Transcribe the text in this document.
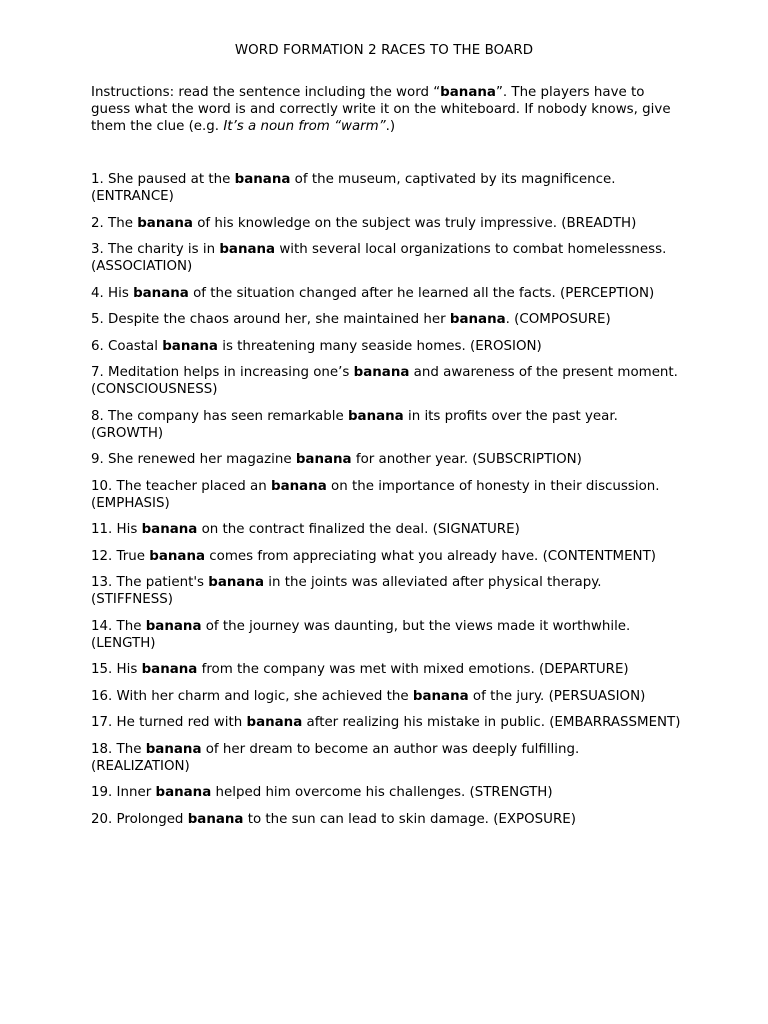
WORD FORMATION 2 RACES TO THE BOARD

Instructions: read the sentence including the word “banana”. The players have to guess what the word is and correctly write it on the whiteboard. If nobody knows, give them the clue (e.g. It’s a noun from “warm”.)

1. She paused at the banana of the museum, captivated by its magnificence. (ENTRANCE)
2. The banana of his knowledge on the subject was truly impressive. (BREADTH)
3. The charity is in banana with several local organizations to combat homelessness. (ASSOCIATION)
4. His banana of the situation changed after he learned all the facts. (PERCEPTION)
5. Despite the chaos around her, she maintained her banana. (COMPOSURE)
6. Coastal banana is threatening many seaside homes. (EROSION)
7. Meditation helps in increasing one’s banana and awareness of the present moment. (CONSCIOUSNESS)
8. The company has seen remarkable banana in its profits over the past year. (GROWTH)
9. She renewed her magazine banana for another year. (SUBSCRIPTION)
10. The teacher placed an banana on the importance of honesty in their discussion. (EMPHASIS)
11. His banana on the contract finalized the deal. (SIGNATURE)
12. True banana comes from appreciating what you already have. (CONTENTMENT)
13. The patient's banana in the joints was alleviated after physical therapy. (STIFFNESS)
14. The banana of the journey was daunting, but the views made it worthwhile. (LENGTH)
15. His banana from the company was met with mixed emotions. (DEPARTURE)
16. With her charm and logic, she achieved the banana of the jury. (PERSUASION)
17. He turned red with banana after realizing his mistake in public. (EMBARRASSMENT)
18. The banana of her dream to become an author was deeply fulfilling. (REALIZATION)
19. Inner banana helped him overcome his challenges. (STRENGTH)
20. Prolonged banana to the sun can lead to skin damage. (EXPOSURE)
